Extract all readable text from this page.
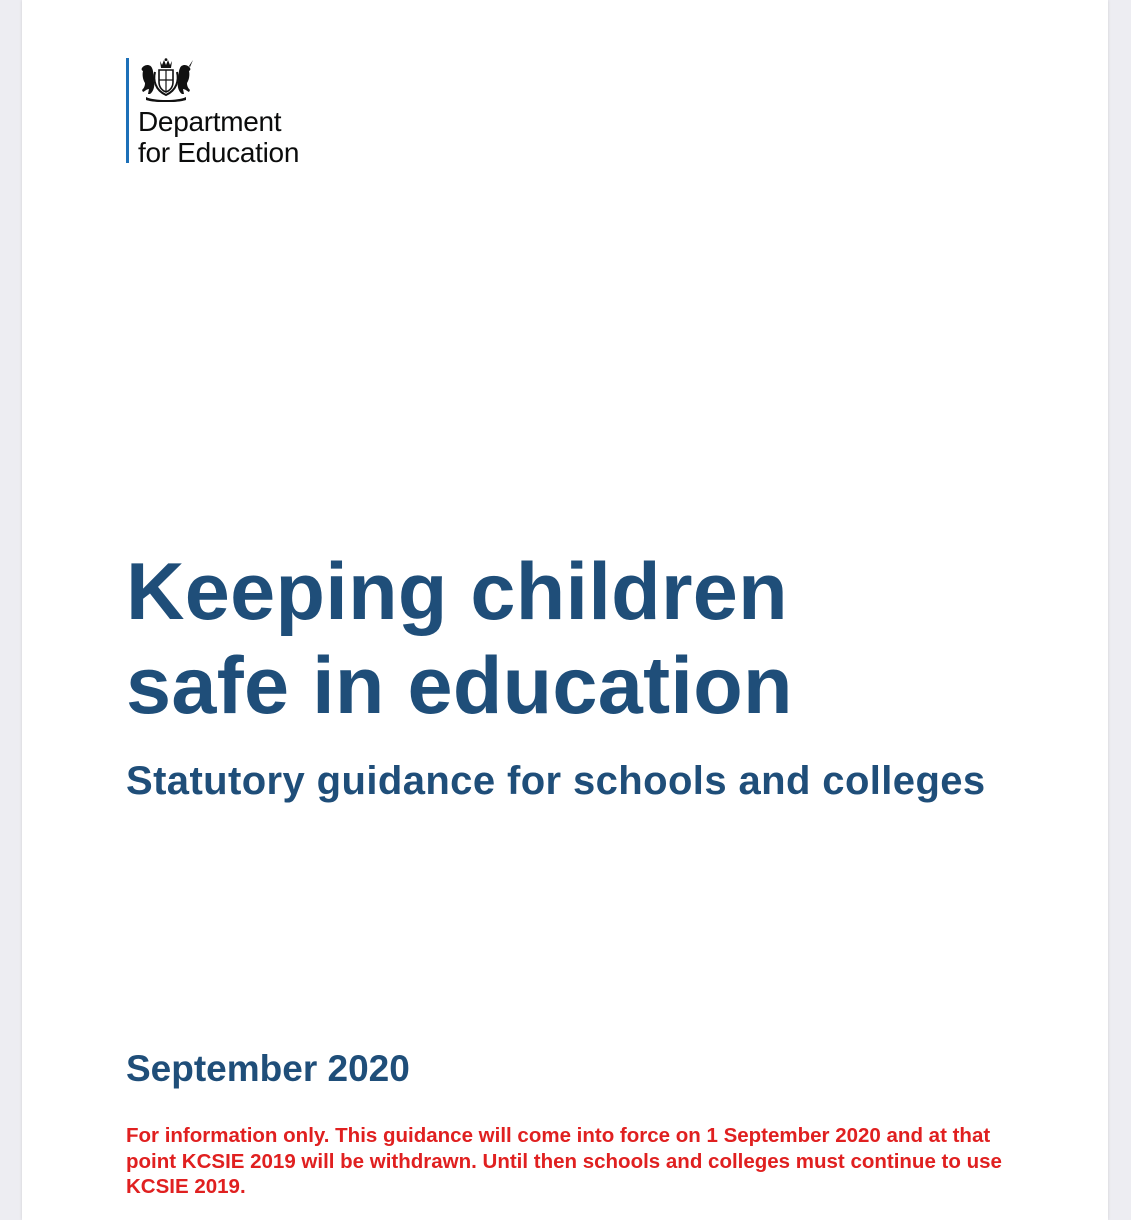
Department
for Education
Keeping children
safe in education
Statutory guidance for schools and colleges

September 2020

For information only. This guidance will come into force on 1 September 2020 and at that point KCSIE 2019 will be withdrawn. Until then schools and colleges must continue to use KCSIE 2019.
